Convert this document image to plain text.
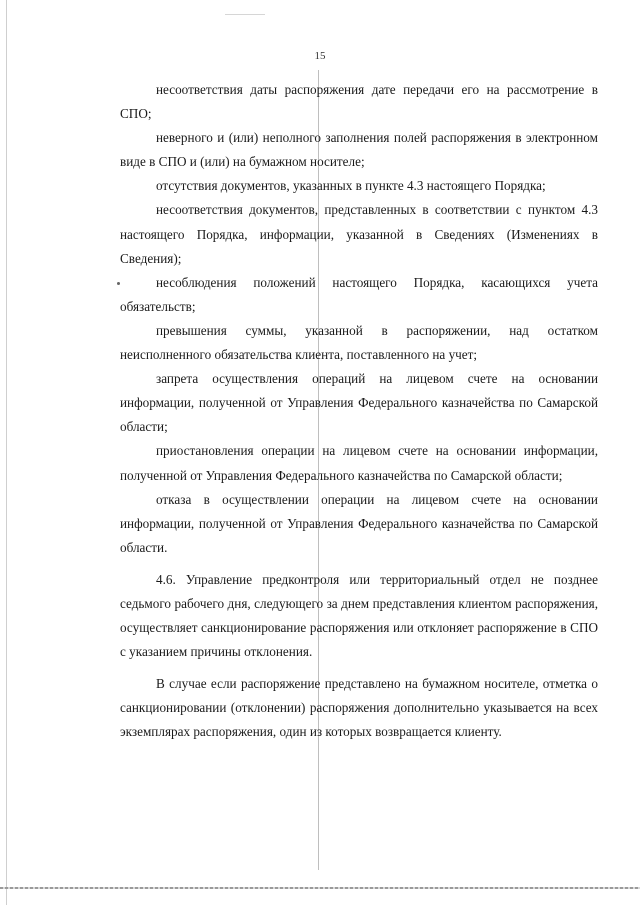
15

несоответствия даты распоряжения дате передачи его на рассмотрение в СПО;

неверного и (или) неполного заполнения полей распоряжения в электронном виде в СПО и (или) на бумажном носителе;

отсутствия документов, указанных в пункте 4.3 настоящего Порядка;

несоответствия документов, представленных в соответствии с пунктом 4.3 настоящего Порядка, информации, указанной в Сведениях (Изменениях в Сведения);

несоблюдения положений настоящего Порядка, касающихся учета обязательств;

превышения суммы, указанной в распоряжении, над остатком неисполненного обязательства клиента, поставленного на учет;

запрета осуществления операций на лицевом счете на основании информации, полученной от Управления Федерального казначейства по Самарской области;

приостановления операции на лицевом счете на основании информации, полученной от Управления Федерального казначейства по Самарской области;

отказа в осуществлении операции на лицевом счете на основании информации, полученной от Управления Федерального казначейства по Самарской области.

4.6. Управление предконтроля или территориальный отдел не позднее седьмого рабочего дня, следующего за днем представления клиентом распоряжения, осуществляет санкционирование распоряжения или отклоняет распоряжение в СПО с указанием причины отклонения.

В случае если распоряжение представлено на бумажном носителе, отметка о санкционировании (отклонении) распоряжения дополнительно указывается на всех экземплярах распоряжения, один из которых возвращается клиенту.
